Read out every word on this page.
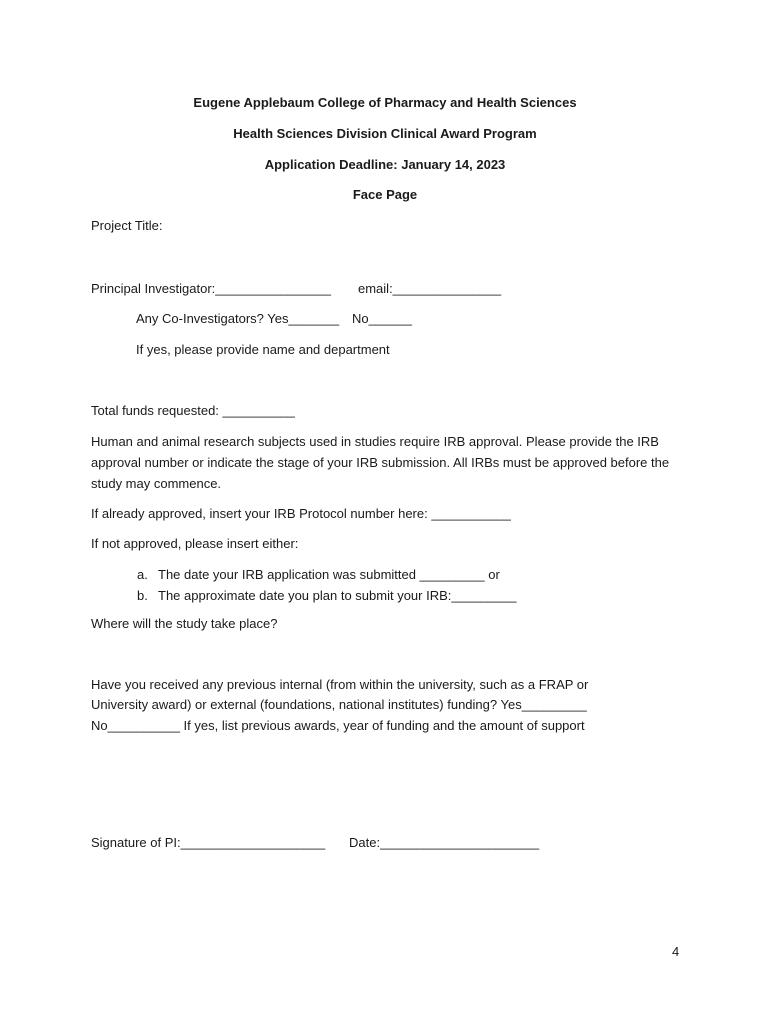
Eugene Applebaum College of Pharmacy and Health Sciences
Health Sciences Division Clinical Award Program
Application Deadline: January 14, 2023
Face Page
Project Title:
Principal Investigator:________________ email:_______________
Any Co-Investigators? Yes_______ No______
If yes, please provide name and department
Total funds requested: __________
Human and animal research subjects used in studies require IRB approval. Please provide the IRB approval number or indicate the stage of your IRB submission. All IRBs must be approved before the study may commence.
If already approved, insert your IRB Protocol number here: ___________
If not approved, please insert either:
a. The date your IRB application was submitted _________ or
b. The approximate date you plan to submit your IRB:_________
Where will the study take place?
Have you received any previous internal (from within the university, such as a FRAP or
University award) or external (foundations, national institutes) funding? Yes_________
No__________ If yes, list previous awards, year of funding and the amount of support
Signature of PI:____________________ Date:______________________
4
